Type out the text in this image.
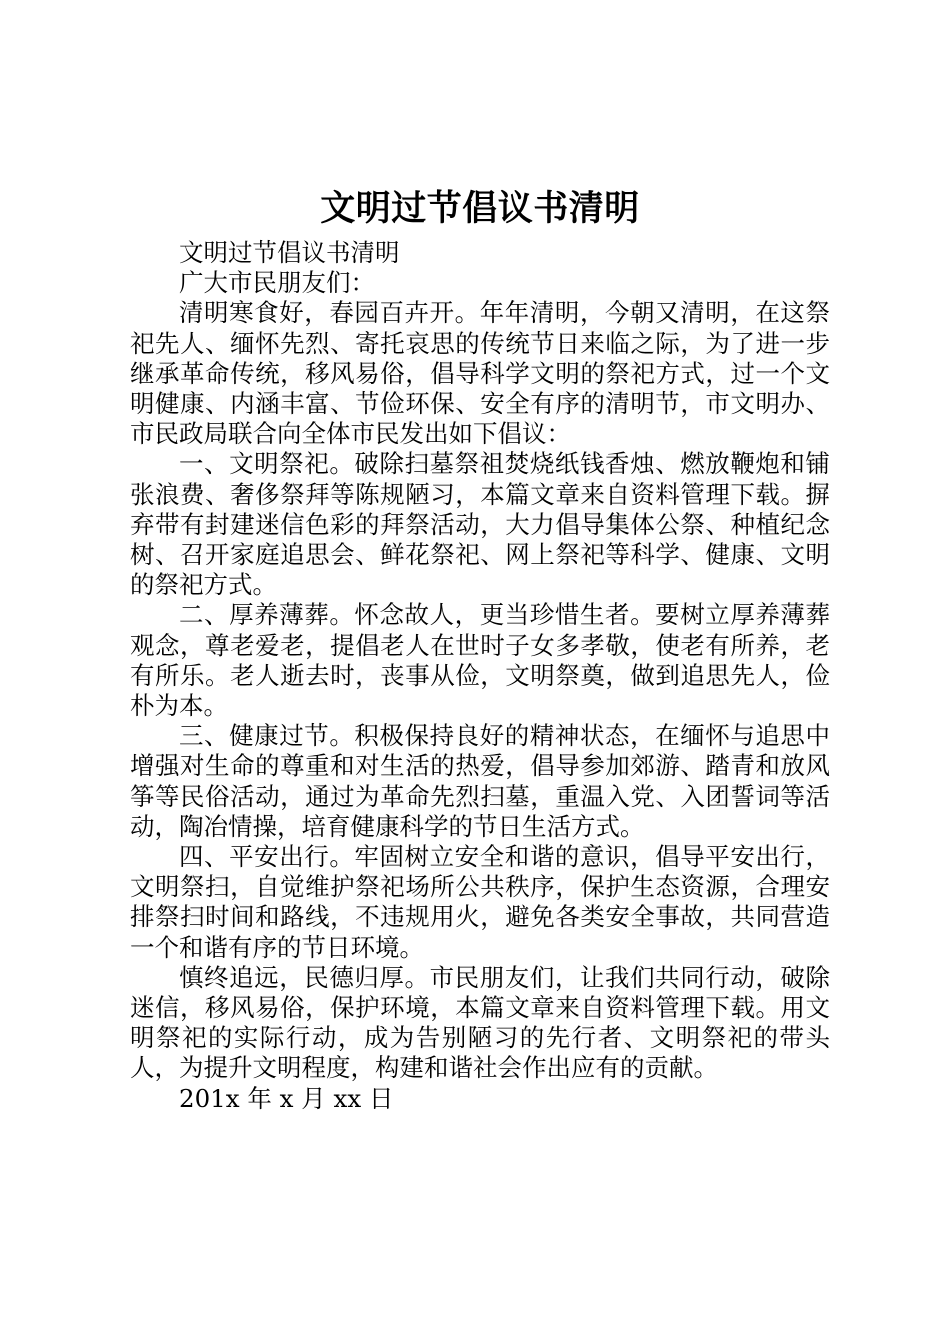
文明过节倡议书清明

文明过节倡议书清明

广大市民朋友们：

清明寒食好，春园百卉开。年年清明，今朝又清明，在这祭祀先人、缅怀先烈、寄托哀思的传统节日来临之际，为了进一步继承革命传统，移风易俗，倡导科学文明的祭祀方式，过一个文明健康、内涵丰富、节俭环保、安全有序的清明节，市文明办、市民政局联合向全体市民发出如下倡议：

一、文明祭祀。破除扫墓祭祖焚烧纸钱香烛、燃放鞭炮和铺张浪费、奢侈祭拜等陈规陋习，本篇文章来自资料管理下载。摒弃带有封建迷信色彩的拜祭活动，大力倡导集体公祭、种植纪念树、召开家庭追思会、鲜花祭祀、网上祭祀等科学、健康、文明的祭祀方式。

二、厚养薄葬。怀念故人，更当珍惜生者。要树立厚养薄葬观念，尊老爱老，提倡老人在世时子女多孝敬，使老有所养，老有所乐。老人逝去时，丧事从俭，文明祭奠，做到追思先人，俭朴为本。

三、健康过节。积极保持良好的精神状态，在缅怀与追思中增强对生命的尊重和对生活的热爱，倡导参加郊游、踏青和放风筝等民俗活动，通过为革命先烈扫墓，重温入党、入团誓词等活动，陶冶情操，培育健康科学的节日生活方式。

四、平安出行。牢固树立安全和谐的意识，倡导平安出行，文明祭扫，自觉维护祭祀场所公共秩序，保护生态资源，合理安排祭扫时间和路线，不违规用火，避免各类安全事故，共同营造一个和谐有序的节日环境。

慎终追远，民德归厚。市民朋友们，让我们共同行动，破除迷信，移风易俗，保护环境，本篇文章来自资料管理下载。用文明祭祀的实际行动，成为告别陋习的先行者、文明祭祀的带头人，为提升文明程度，构建和谐社会作出应有的贡献。

201x 年 x 月 xx 日
